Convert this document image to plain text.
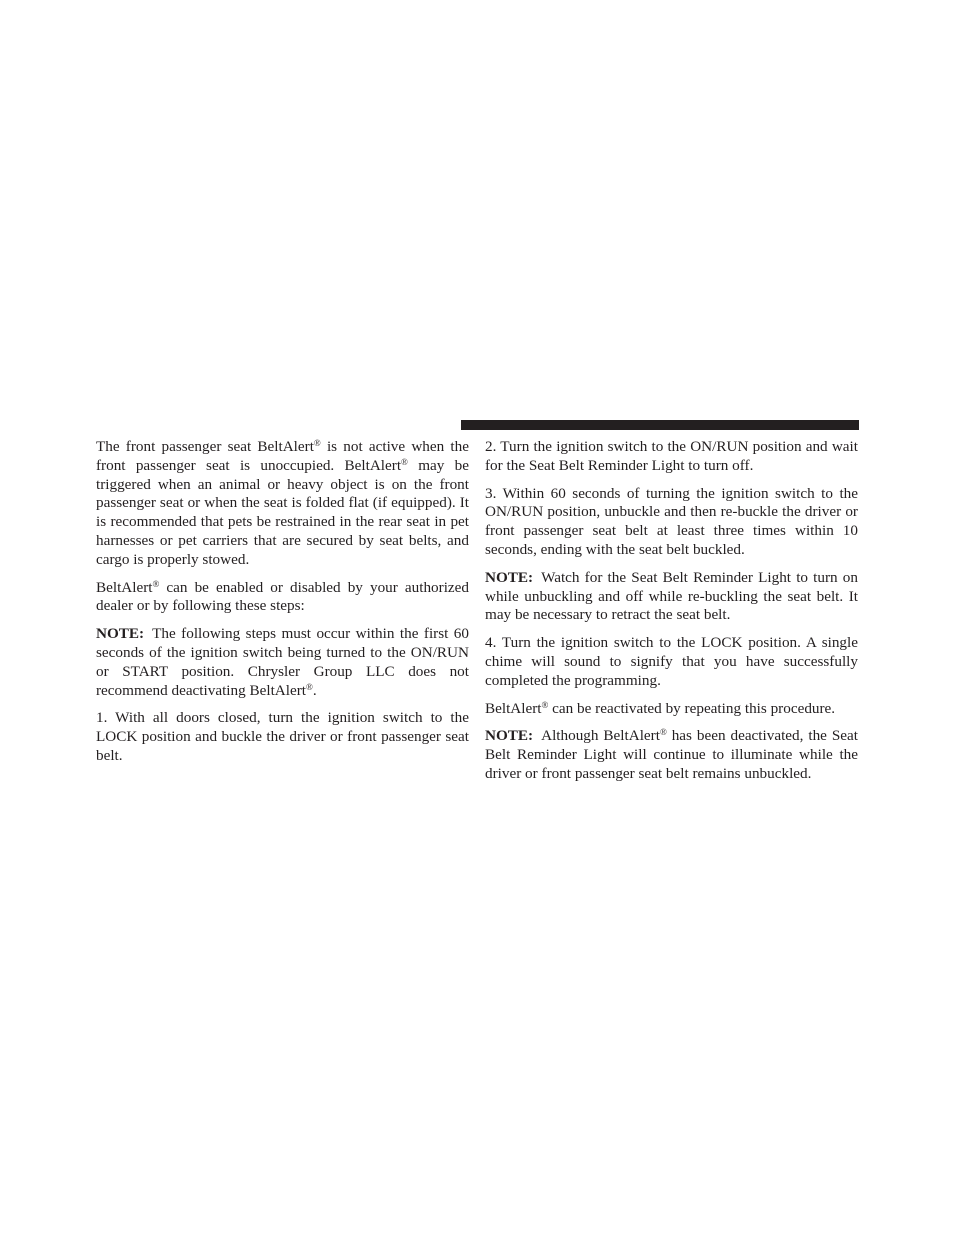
The front passenger seat BeltAlert® is not active when the front passenger seat is unoccupied. BeltAlert® may be triggered when an animal or heavy object is on the front passenger seat or when the seat is folded flat (if equipped). It is recommended that pets be restrained in the rear seat in pet harnesses or pet carriers that are secured by seat belts, and cargo is properly stowed.

BeltAlert® can be enabled or disabled by your authorized dealer or by following these steps:

NOTE: The following steps must occur within the first 60 seconds of the ignition switch being turned to the ON/RUN or START position. Chrysler Group LLC does not recommend deactivating BeltAlert®.

1. With all doors closed, turn the ignition switch to the LOCK position and buckle the driver or front passenger seat belt.

2. Turn the ignition switch to the ON/RUN position and wait for the Seat Belt Reminder Light to turn off.

3. Within 60 seconds of turning the ignition switch to the ON/RUN position, unbuckle and then re-buckle the driver or front passenger seat belt at least three times within 10 seconds, ending with the seat belt buckled.

NOTE: Watch for the Seat Belt Reminder Light to turn on while unbuckling and off while re-buckling the seat belt. It may be necessary to retract the seat belt.

4. Turn the ignition switch to the LOCK position. A single chime will sound to signify that you have successfully completed the programming.

BeltAlert® can be reactivated by repeating this procedure.

NOTE: Although BeltAlert® has been deactivated, the Seat Belt Reminder Light will continue to illuminate while the driver or front passenger seat belt remains unbuckled.
